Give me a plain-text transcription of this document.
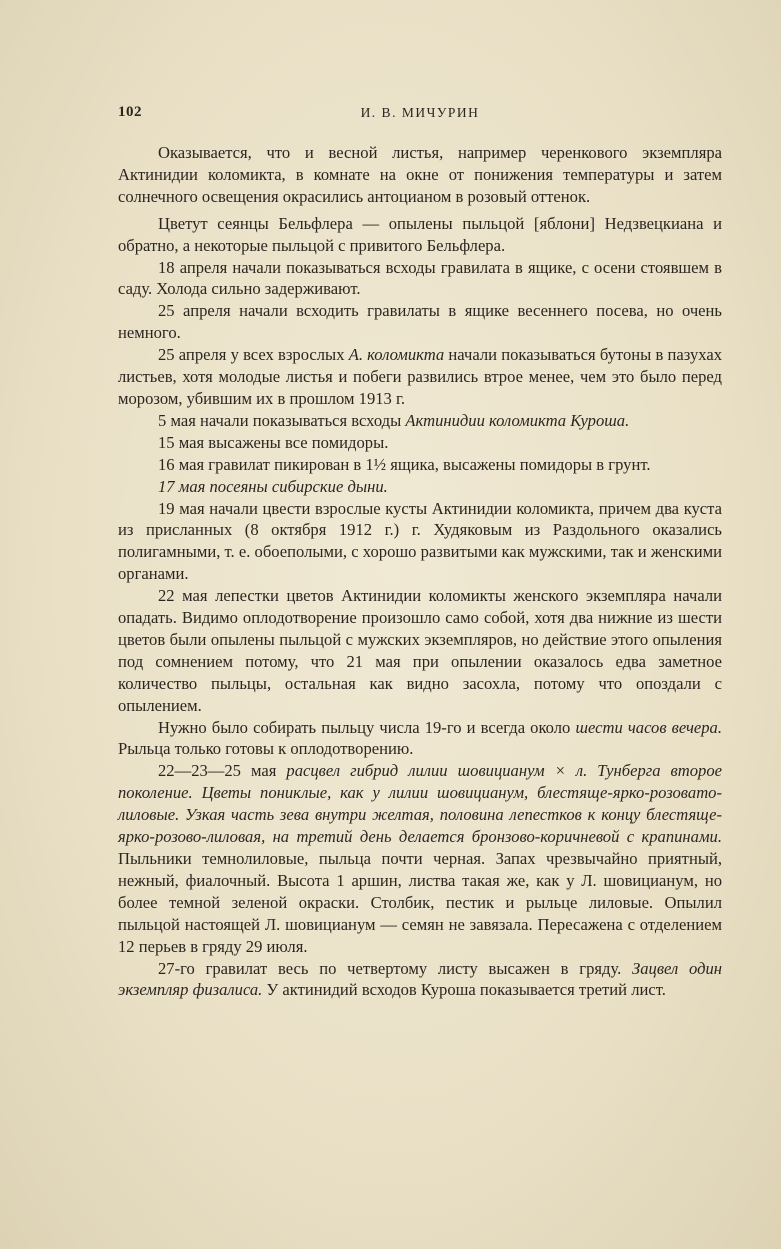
102	И. В. МИЧУРИН

Оказывается, что и весной листья, например черенкового экземпляра Актинидии коломикта, в комнате на окне от понижения температуры и затем солнечного освещения окрасились антоцианом в розовый оттенок.

Цветут сеянцы Бельфлера — опылены пыльцой [яблони] Недзвецкиана и обратно, а некоторые пыльцой с привитого Бельфлера.

18 апреля начали показываться всходы гравилата в ящике, с осени стоявшем в саду. Холода сильно задерживают.

25 апреля начали всходить гравилаты в ящике весеннего посева, но очень немного.

25 апреля у всех взрослых A. коломикта начали показываться бутоны в пазухах листьев, хотя молодые листья и побеги развились втрое менее, чем это было перед морозом, убившим их в прошлом 1913 г.

5 мая начали показываться всходы Актинидии коломикта Куроша.

15 мая высажены все помидоры.

16 мая гравилат пикирован в 1½ ящика, высажены помидоры в грунт.

17 мая посеяны сибирские дыни.

19 мая начали цвести взрослые кусты Актинидии коломикта, причем два куста из присланных (8 октября 1912 г.) г. Худяковым из Раздольного оказались полигамными, т. е. обоеполыми, с хорошо развитыми как мужскими, так и женскими органами.

22 мая лепестки цветов Актинидии коломикты женского экземпляра начали опадать. Видимо оплодотворение произошло само собой, хотя два нижние из шести цветов были опылены пыльцой с мужских экземпляров, но действие этого опыления под сомнением потому, что 21 мая при опылении оказалось едва заметное количество пыльцы, остальная как видно засохла, потому что опоздали с опылением.

Нужно было собирать пыльцу числа 19-го и всегда около шести часов вечера. Рыльца только готовы к оплодотворению.

22—23—25 мая расцвел гибрид лилии шовицианум × л. Тунберга второе поколение. Цветы пониклые, как у лилии шовицианум, блестяще-ярко-розовато-лиловые. Узкая часть зева внутри желтая, половина лепестков к концу блестяще-ярко-розово-лиловая, на третий день делается бронзово-коричневой с крапинами. Пыльники темнолиловые, пыльца почти черная. Запах чрезвычайно приятный, нежный, фиалочный. Высота 1 аршин, листва такая же, как у Л. шовицианум, но более темной зеленой окраски. Столбик, пестик и рыльце лиловые. Опылил пыльцой настоящей Л. шовицианум — семян не завязала. Пересажена с отделением 12 перьев в гряду 29 июля.

27-го гравилат весь по четвертому листу высажен в гряду. Зацвел один экземпляр физалиса. У актинидий всходов Куроша показывается третий лист.
